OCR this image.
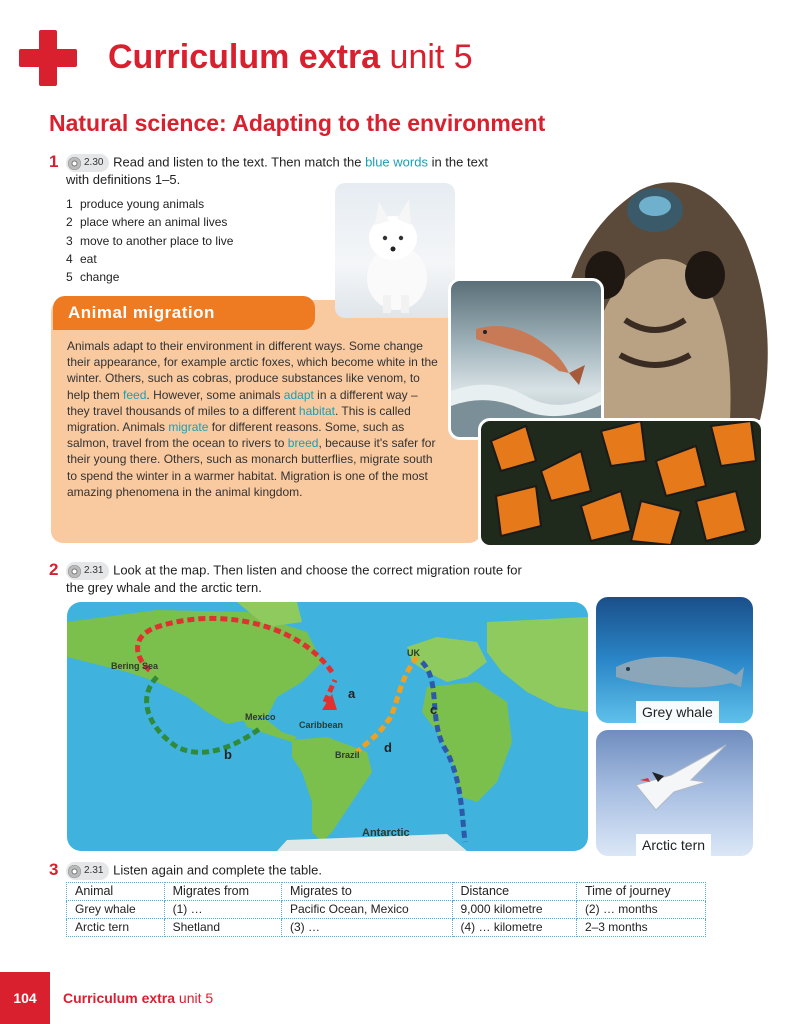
Curriculum extra unit 5
Natural science: Adapting to the environment
1	2.30 Read and listen to the text. Then match the blue words in the text
with definitions 1–5.
1 produce young animals
2 place where an animal lives
3 move to another place to live
4 eat
5 change
Animal migration
Animals adapt to their environment in different ways. Some change their appearance, for example arctic foxes, which become white in the winter. Others, such as cobras, produce substances like venom, to help them feed. However, some animals adapt in a different way – they travel thousands of miles to a different habitat. This is called migration. Animals migrate for different reasons. Some, such as salmon, travel from the ocean to rivers to breed, because it's safer for their young there. Others, such as monarch butterflies, migrate south to spend the winter in a warmer habitat. Migration is one of the most amazing phenomena in the animal kingdom.
2	2.31 Look at the map. Then listen and choose the correct migration route for
the grey whale and the arctic tern.
Bering Sea
UK
Mexico
Caribbean
Brazil
Antarctic
a
b
c
d
Grey whale
Arctic tern
3	2.31 Listen again and complete the table.
Animal	Migrates from	Migrates to	Distance	Time of journey
Grey whale	(1) …	Pacific Ocean, Mexico	9,000 kilometre	(2) … months
Arctic tern	Shetland	(3) …	(4) … kilometre	2–3 months
104	Curriculum extra unit 5
